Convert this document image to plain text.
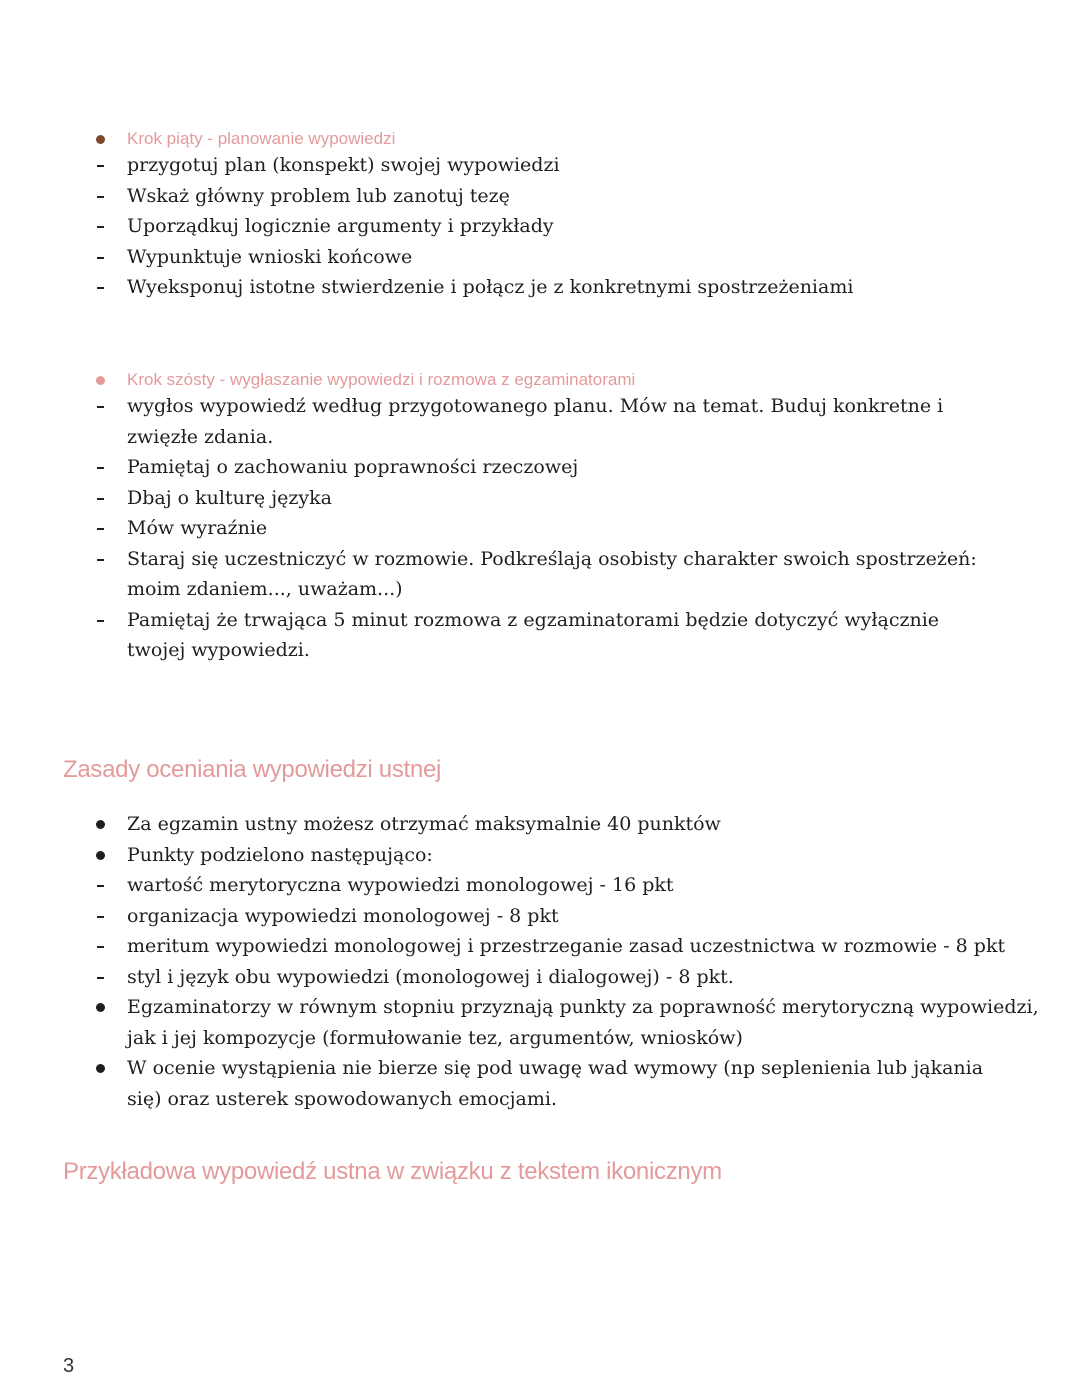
Krok piąty - planowanie wypowiedzi
przygotuj plan (konspekt) swojej wypowiedzi
Wskaż główny problem lub zanotuj tezę
Uporządkuj logicznie argumenty i przykłady
Wypunktuje wnioski końcowe
Wyeksponuj istotne stwierdzenie i połącz je z konkretnymi spostrzeżeniami
Krok szósty - wygłaszanie wypowiedzi i rozmowa z egzaminatorami
wygłos wypowiedź według przygotowanego planu. Mów na temat. Buduj konkretne i zwięzłe zdania.
Pamiętaj o zachowaniu poprawności rzeczowej
Dbaj o kulturę języka
Mów wyraźnie
Staraj się uczestniczyć w rozmowie. Podkreślają osobisty charakter swoich spostrzeżeń: moim zdaniem..., uważam...)
Pamiętaj że trwająca 5 minut rozmowa z egzaminatorami będzie dotyczyć wyłącznie twojej wypowiedzi.
Zasady oceniania wypowiedzi ustnej
Za egzamin ustny możesz otrzymać maksymalnie 40 punktów
Punkty podzielono następująco:
wartość merytoryczna wypowiedzi monologowej - 16 pkt
organizacja wypowiedzi monologowej - 8 pkt
meritum wypowiedzi monologowej i przestrzeganie zasad uczestnictwa w rozmowie - 8 pkt
styl i język obu wypowiedzi (monologowej i dialogowej) - 8 pkt.
Egzaminatorzy w równym stopniu przyznają punkty za poprawność merytoryczną wypowiedzi, jak i jej kompozycje (formułowanie tez, argumentów, wniosków)
W ocenie wystąpienia nie bierze się pod uwagę wad wymowy (np seplenienia lub jąkania się) oraz usterek spowodowanych emocjami.
Przykładowa wypowiedź ustna w związku z tekstem ikonicznym
3
